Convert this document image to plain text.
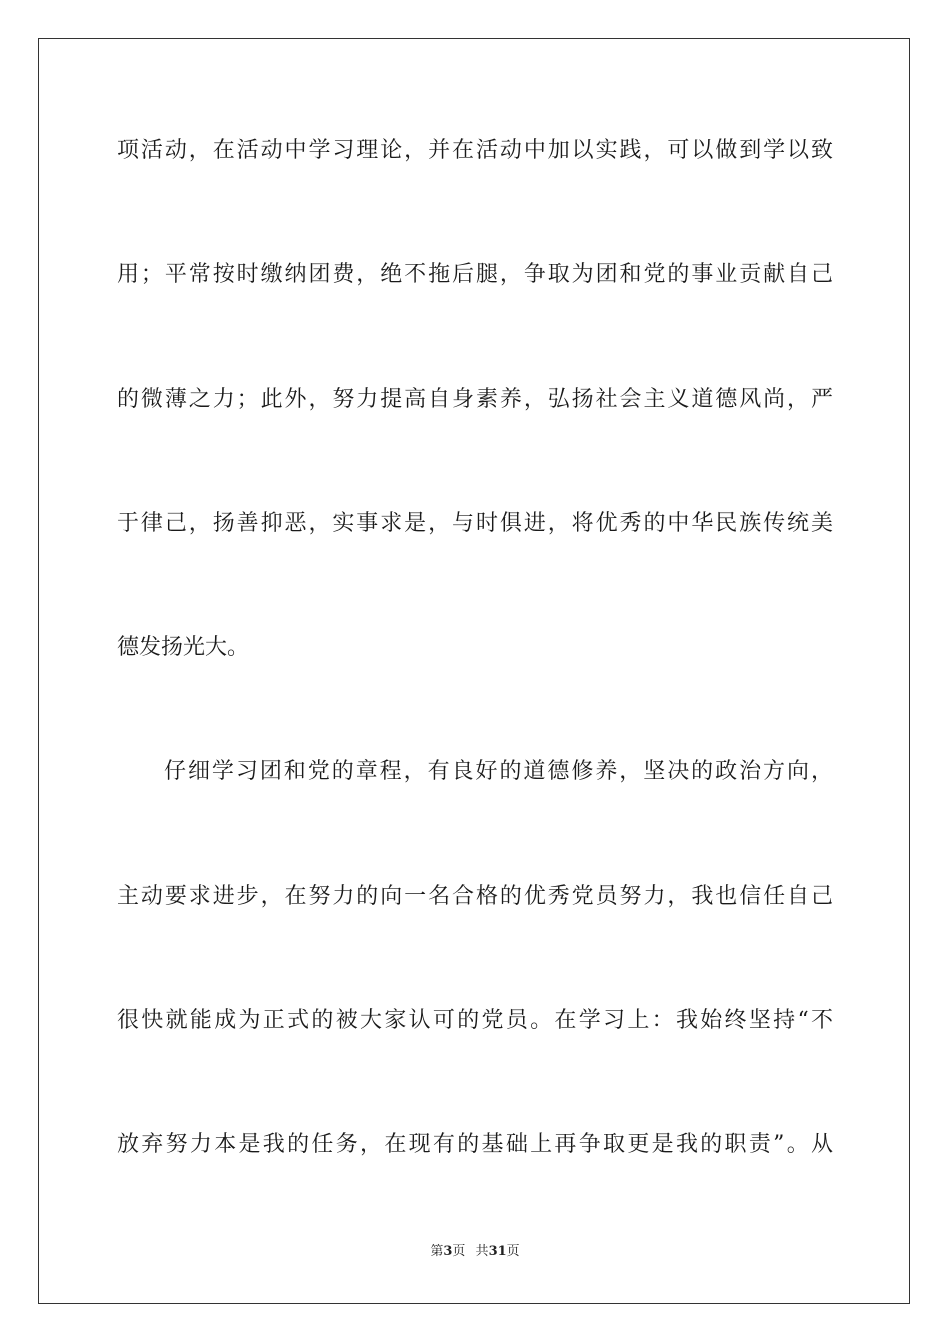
项活动，在活动中学习理论，并在活动中加以实践，可以做到学以致
用；平常按时缴纳团费，绝不拖后腿，争取为团和党的事业贡献自己
的微薄之力；此外，努力提高自身素养，弘扬社会主义道德风尚，严
于律己，扬善抑恶，实事求是，与时俱进，将优秀的中华民族传统美
德发扬光大。
仔细学习团和党的章程，有良好的道德修养，坚决的政治方向，
主动要求进步，在努力的向一名合格的优秀党员努力，我也信任自己
很快就能成为正式的被大家认可的党员。在学习上：我始终坚持“不
放弃努力本是我的任务，在现有的基础上再争取更是我的职责”。从
第3页 共31页
